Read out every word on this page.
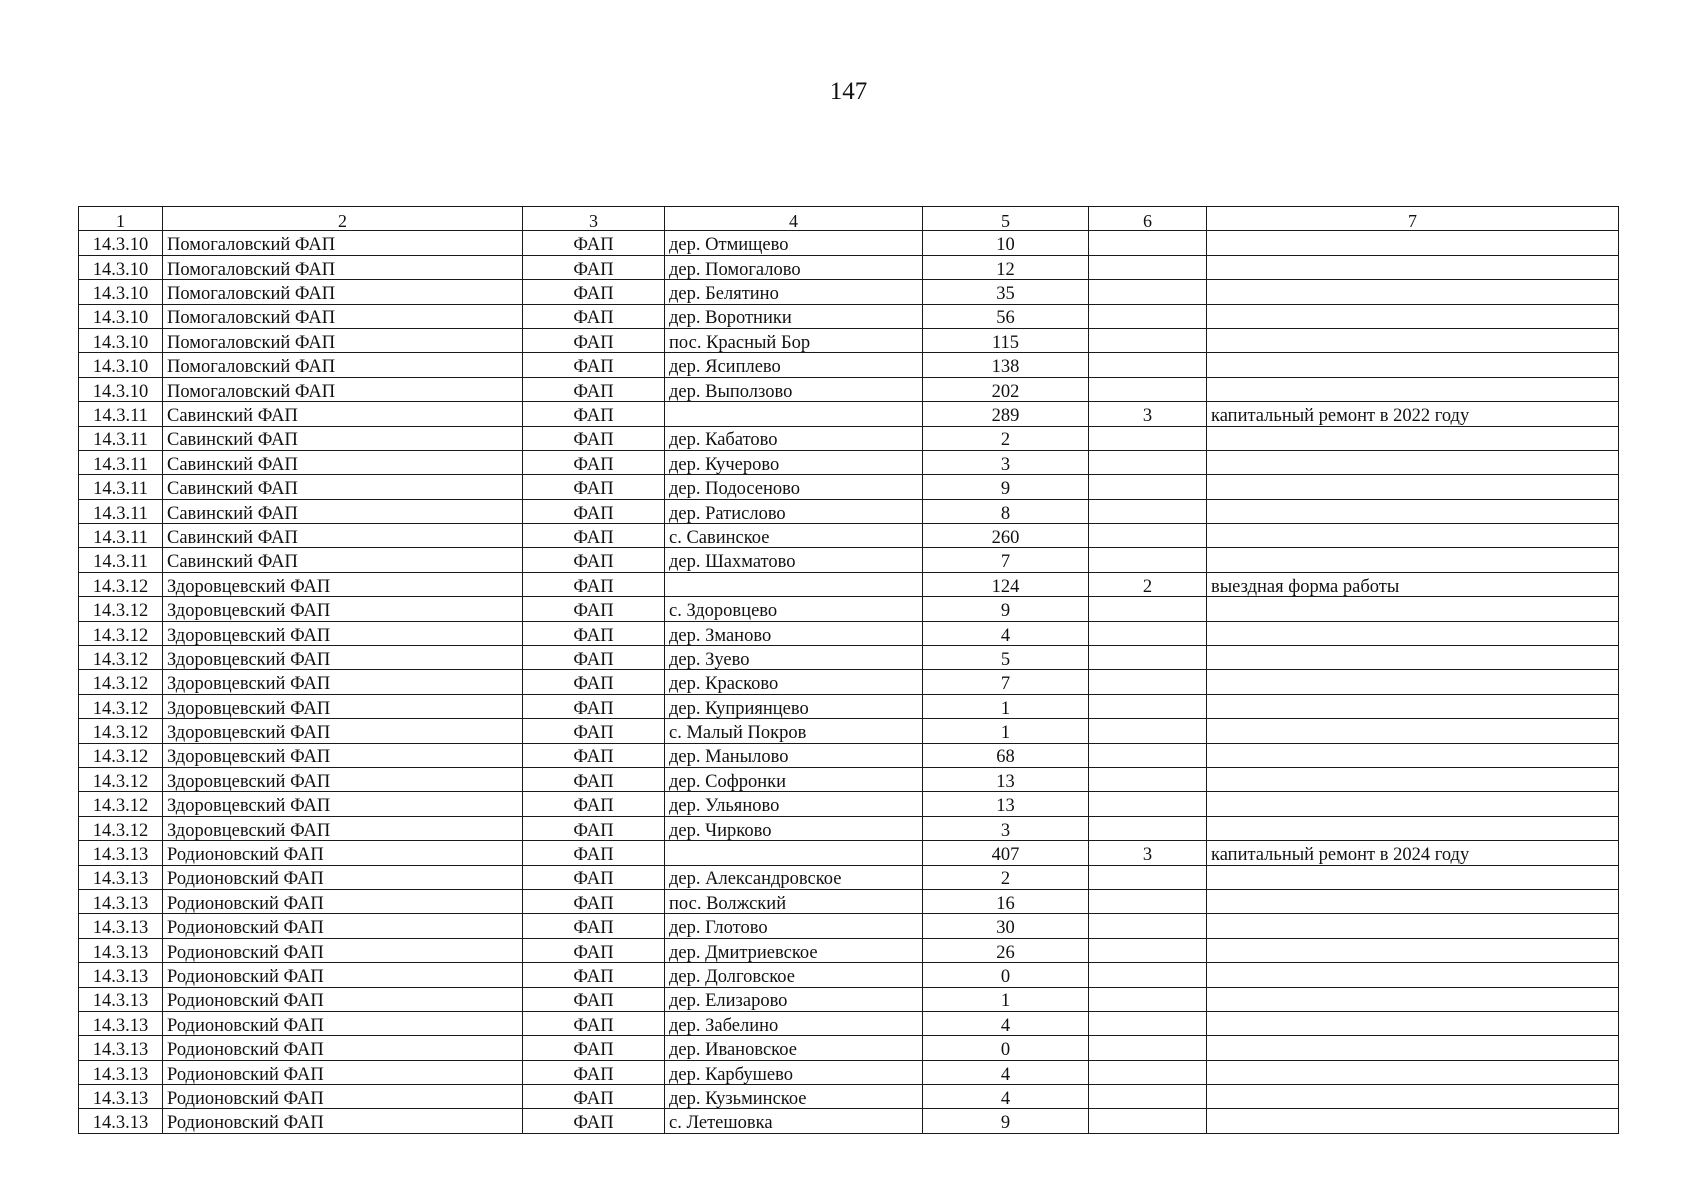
147
1	2	3	4	5	6	7
14.3.10	Помогаловский ФАП	ФАП	дер. Отмищево	10		
14.3.10	Помогаловский ФАП	ФАП	дер. Помогалово	12		
14.3.10	Помогаловский ФАП	ФАП	дер. Белятино	35		
14.3.10	Помогаловский ФАП	ФАП	дер. Воротники	56		
14.3.10	Помогаловский ФАП	ФАП	пос. Красный Бор	115		
14.3.10	Помогаловский ФАП	ФАП	дер. Ясиплево	138		
14.3.10	Помогаловский ФАП	ФАП	дер. Выползово	202		
14.3.11	Савинский ФАП	ФАП		289	3	капитальный ремонт в 2022 году
14.3.11	Савинский ФАП	ФАП	дер. Кабатово	2		
14.3.11	Савинский ФАП	ФАП	дер. Кучерово	3		
14.3.11	Савинский ФАП	ФАП	дер. Подосеново	9		
14.3.11	Савинский ФАП	ФАП	дер. Ратислово	8		
14.3.11	Савинский ФАП	ФАП	с. Савинское	260		
14.3.11	Савинский ФАП	ФАП	дер. Шахматово	7		
14.3.12	Здоровцевский ФАП	ФАП		124	2	выездная форма работы
14.3.12	Здоровцевский ФАП	ФАП	с. Здоровцево	9		
14.3.12	Здоровцевский ФАП	ФАП	дер. Зманово	4		
14.3.12	Здоровцевский ФАП	ФАП	дер. Зуево	5		
14.3.12	Здоровцевский ФАП	ФАП	дер. Красково	7		
14.3.12	Здоровцевский ФАП	ФАП	дер. Куприянцево	1		
14.3.12	Здоровцевский ФАП	ФАП	с. Малый Покров	1		
14.3.12	Здоровцевский ФАП	ФАП	дер. Манылово	68		
14.3.12	Здоровцевский ФАП	ФАП	дер. Софронки	13		
14.3.12	Здоровцевский ФАП	ФАП	дер. Ульяново	13		
14.3.12	Здоровцевский ФАП	ФАП	дер. Чирково	3		
14.3.13	Родионовский ФАП	ФАП		407	3	капитальный ремонт в 2024 году
14.3.13	Родионовский ФАП	ФАП	дер. Александровское	2		
14.3.13	Родионовский ФАП	ФАП	пос. Волжский	16		
14.3.13	Родионовский ФАП	ФАП	дер. Глотово	30		
14.3.13	Родионовский ФАП	ФАП	дер. Дмитриевское	26		
14.3.13	Родионовский ФАП	ФАП	дер. Долговское	0		
14.3.13	Родионовский ФАП	ФАП	дер. Елизарово	1		
14.3.13	Родионовский ФАП	ФАП	дер. Забелино	4		
14.3.13	Родионовский ФАП	ФАП	дер. Ивановское	0		
14.3.13	Родионовский ФАП	ФАП	дер. Карбушево	4		
14.3.13	Родионовский ФАП	ФАП	дер. Кузьминское	4		
14.3.13	Родионовский ФАП	ФАП	с. Летешовка	9		
